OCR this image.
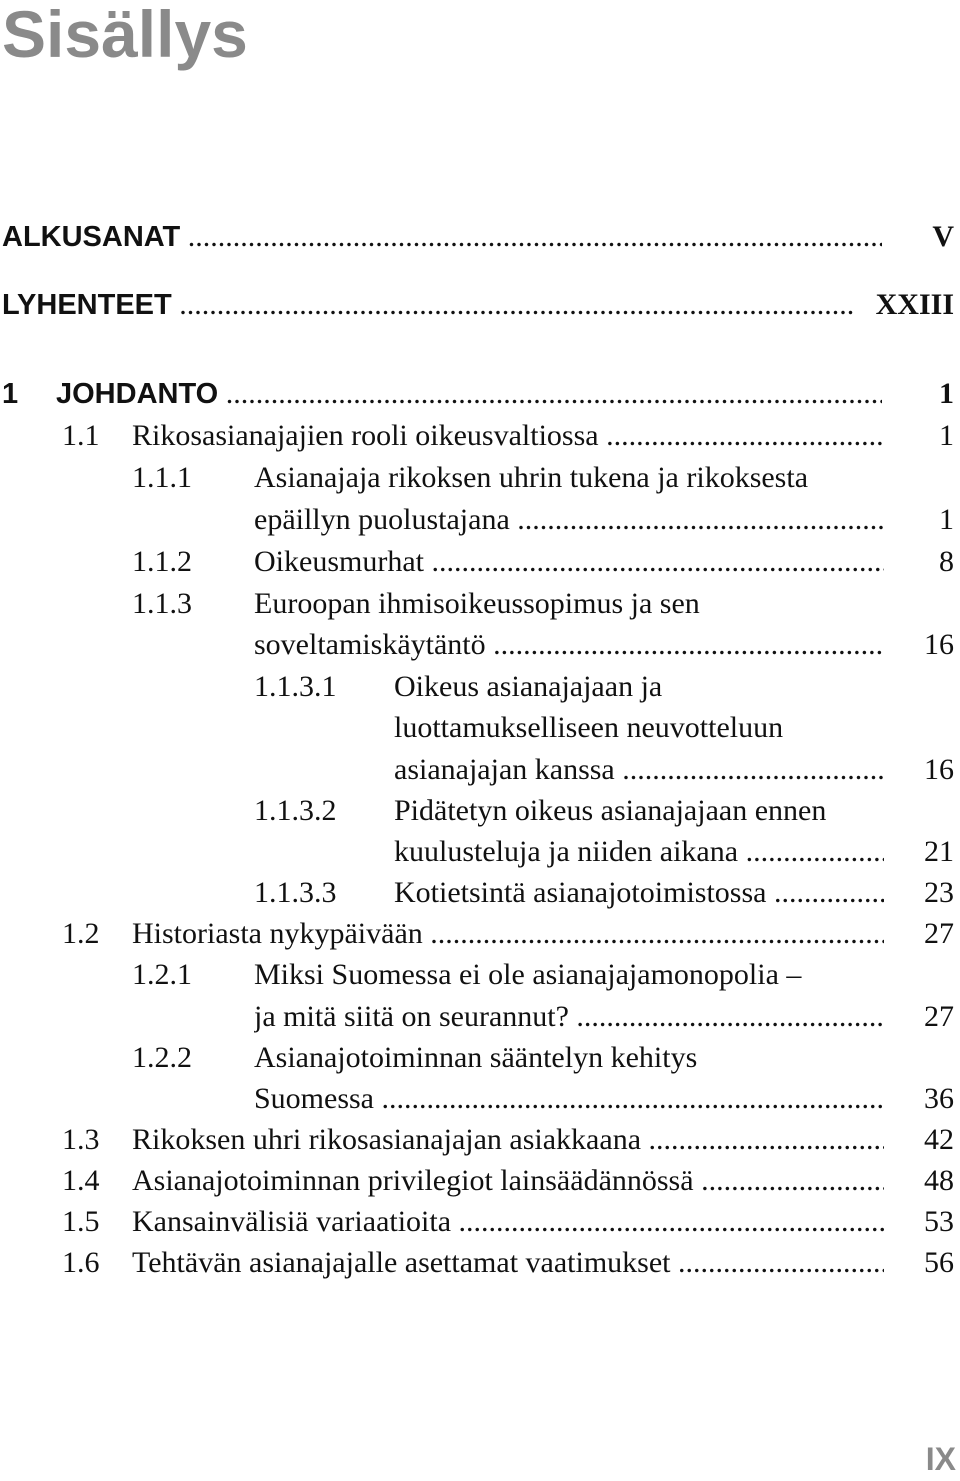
Sisällys
ALKUSANAT .....	V
LYHENTEET .....	XXIII
1 JOHDANTO .....	1
1.1 Rikosasianajajien rooli oikeusvaltiossa .....	1
1.1.1 Asianajaja rikoksen uhrin tukena ja rikoksesta
epäillyn puolustajana .....	1
1.1.2 Oikeusmurhat .....	8
1.1.3 Euroopan ihmisoikeussopimus ja sen
soveltamiskäytäntö .....	16
1.1.3.1 Oikeus asianajajaan ja
luottamukselliseen neuvotteluun
asianajajan kanssa .....	16
1.1.3.2 Pidätetyn oikeus asianajajaan ennen
kuulusteluja ja niiden aikana .....	21
1.1.3.3 Kotietsintä asianajotoimistossa .....	23
1.2 Historiasta nykypäivään .....	27
1.2.1 Miksi Suomessa ei ole asianajajamonopolia –
ja mitä siitä on seurannut? .....	27
1.2.2 Asianajotoiminnan sääntelyn kehitys
Suomessa .....	36
1.3 Rikoksen uhri rikosasianajajan asiakkaana .....	42
1.4 Asianajotoiminnan privilegiot lainsäädännössä .....	48
1.5 Kansainvälisiä variaatioita .....	53
1.6 Tehtävän asianajajalle asettamat vaatimukset .....	56
IX
